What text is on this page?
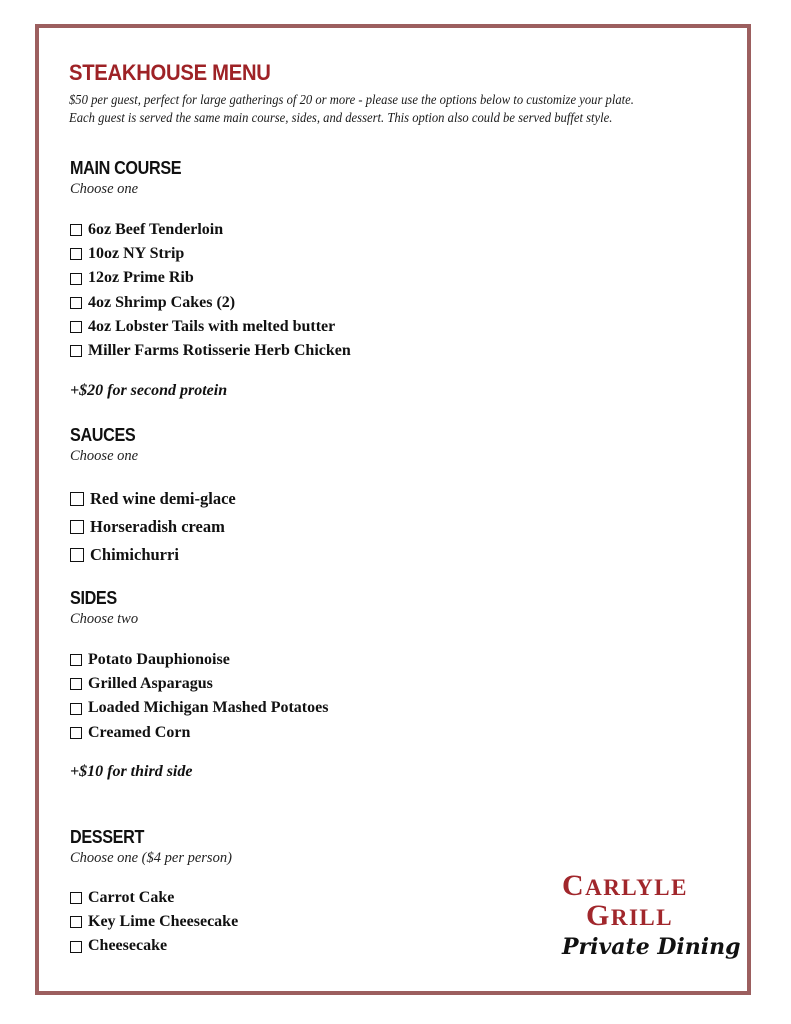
STEAKHOUSE MENU
$50 per guest, perfect for large gatherings of 20 or more - please use the options below to customize your plate.
Each guest is served the same main course, sides, and dessert. This option also could be served buffet style.
MAIN COURSE
Choose one
6oz Beef Tenderloin
10oz NY Strip
12oz Prime Rib
4oz Shrimp Cakes (2)
4oz Lobster Tails with melted butter
Miller Farms Rotisserie Herb Chicken
+$20 for second protein
SAUCES
Choose one
Red wine demi-glace
Horseradish cream
Chimichurri
SIDES
Choose two
Potato Dauphionoise
Grilled Asparagus
Loaded Michigan Mashed Potatoes
Creamed Corn
+$10 for third side
DESSERT
Choose one ($4 per person)
Carrot Cake
Key Lime Cheesecake
Cheesecake
CARLYLE
GRILL
Private Dining
